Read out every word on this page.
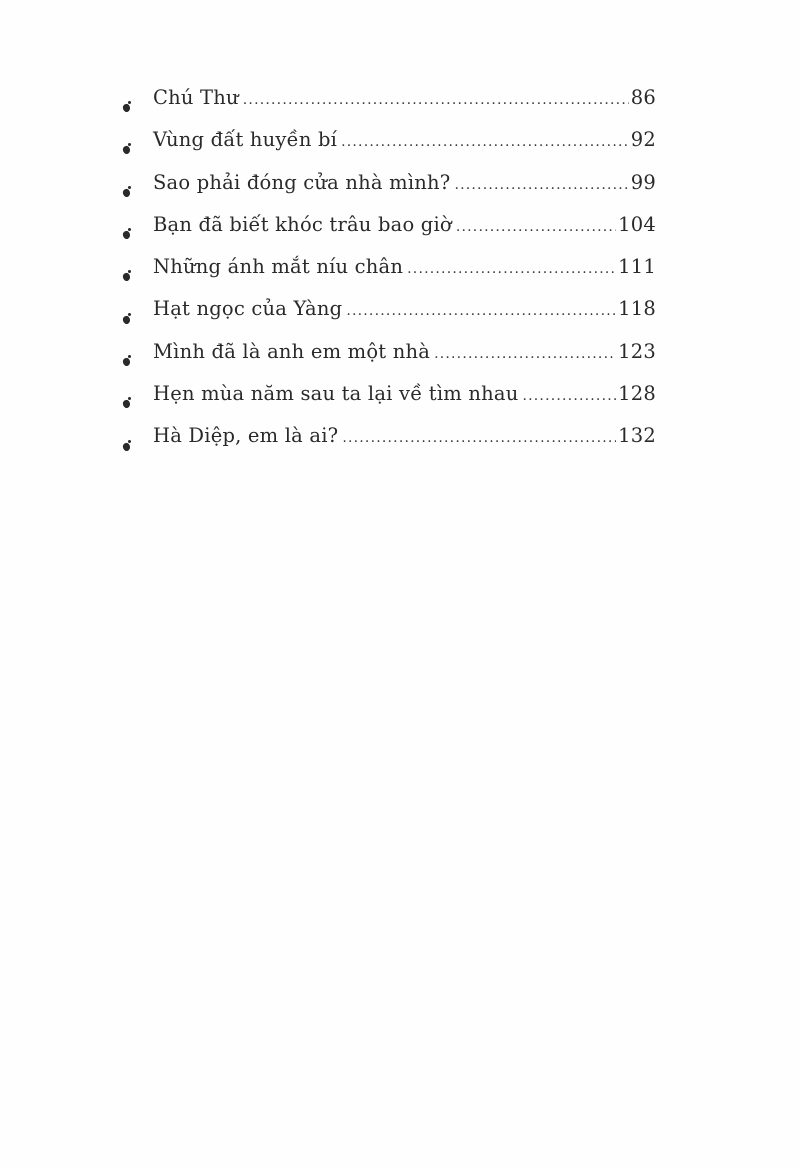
Chú Thư .....	86
Vùng đất huyền bí .....	92
Sao phải đóng cửa nhà mình? .....	99
Bạn đã biết khóc trâu bao giờ .....	104
Những ánh mắt níu chân .....	111
Hạt ngọc của Yàng .....	118
Mình đã là anh em một nhà .....	123
Hẹn mùa năm sau ta lại về tìm nhau .....	128
Hà Diệp, em là ai? .....	132
